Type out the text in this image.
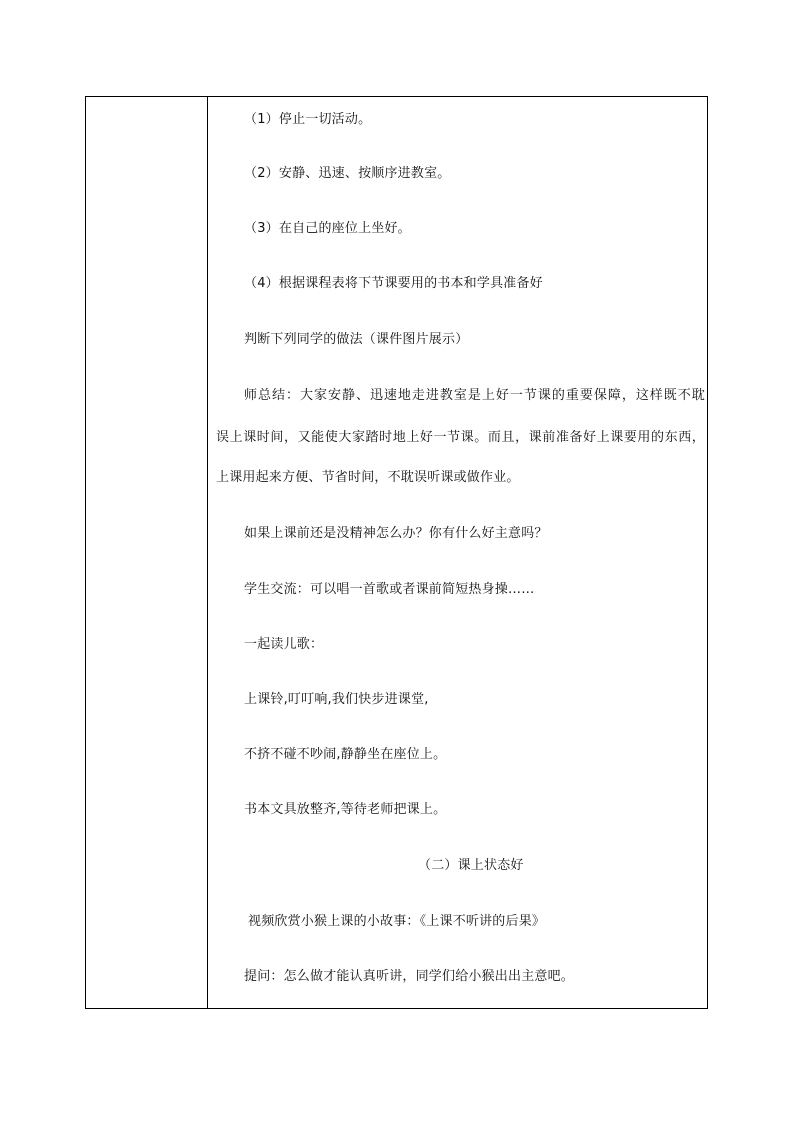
（1）停止一切活动。
（2）安静、迅速、按顺序进教室。
（3）在自己的座位上坐好。
（4）根据课程表将下节课要用的书本和学具准备好
判断下列同学的做法（课件图片展示）
师总结：大家安静、迅速地走进教室是上好一节课的重要保障，这样既不耽
误上课时间，又能使大家踏时地上好一节课。而且，课前准备好上课要用的东西，
上课用起来方便、节省时间，不耽误听课或做作业。
如果上课前还是没精神怎么办？你有什么好主意吗？
学生交流：可以唱一首歌或者课前简短热身操……
一起读儿歌：
上课铃,叮叮响,我们快步进课堂,
不挤不碰不吵闹,静静坐在座位上。
书本文具放整齐,等待老师把课上。
（二）课上状态好
视频欣赏小猴上课的小故事：《上课不听讲的后果》
提问：怎么做才能认真听讲，同学们给小猴出出主意吧。
